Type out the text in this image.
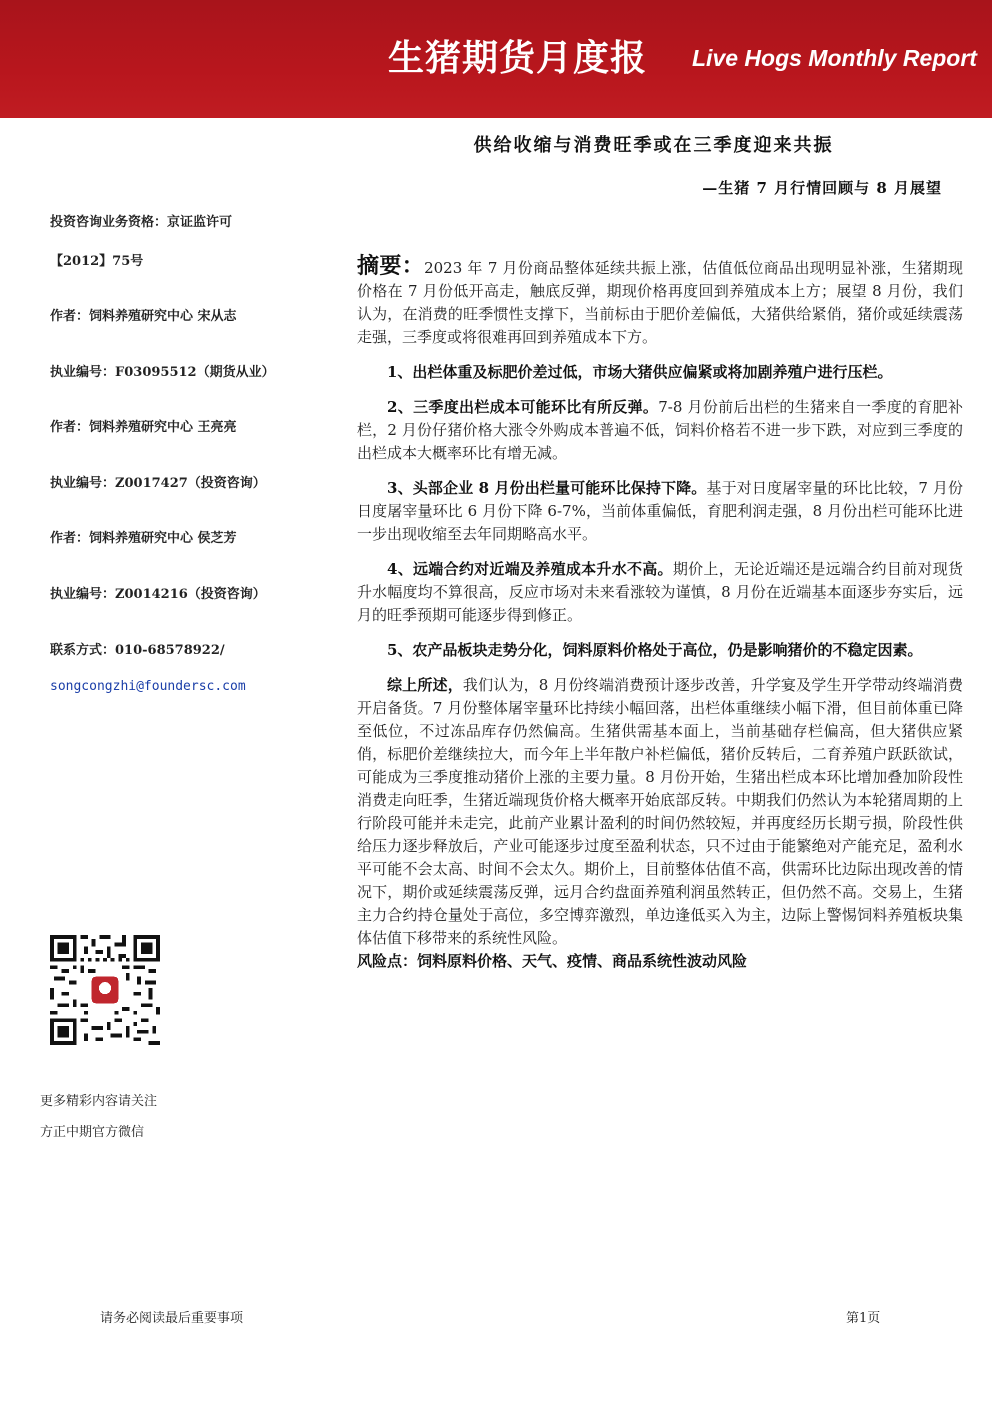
生猪期货月度报 Live Hogs Monthly Report
供给收缩与消费旺季或在三季度迎来共振
—生猪 7 月行情回顾与 8 月展望
投资咨询业务资格：京证监许可
【2012】75号
作者：饲料养殖研究中心 宋从志
执业编号：F03095512（期货从业）
作者：饲料养殖研究中心 王亮亮
执业编号：Z0017427（投资咨询）
作者：饲料养殖研究中心 侯芝芳
执业编号：Z0014216（投资咨询）
联系方式：010-68578922/
songcongzhi@foundersc.com
更多精彩内容请关注
方正中期官方微信

摘要：2023 年 7 月份商品整体延续共振上涨，估值低位商品出现明显补涨，生猪期现价格在 7 月份低开高走，触底反弹，期现价格再度回到养殖成本上方；展望 8 月份，我们认为，在消费的旺季惯性支撑下，当前标由于肥价差偏低，大猪供给紧俏，猪价或延续震荡走强，三季度或将很难再回到养殖成本下方。

1、出栏体重及标肥价差过低，市场大猪供应偏紧或将加剧养殖户进行压栏。

2、三季度出栏成本可能环比有所反弹。7-8 月份前后出栏的生猪来自一季度的育肥补栏，2 月份仔猪价格大涨令外购成本普遍不低，饲料价格若不进一步下跌，对应到三季度的出栏成本大概率环比有增无减。

3、头部企业 8 月份出栏量可能环比保持下降。基于对日度屠宰量的环比比较，7 月份日度屠宰量环比 6 月份下降 6-7%，当前体重偏低，育肥利润走强，8 月份出栏可能环比进一步出现收缩至去年同期略高水平。

4、远端合约对近端及养殖成本升水不高。期价上，无论近端还是远端合约目前对现货升水幅度均不算很高，反应市场对未来看涨较为谨慎，8 月份在近端基本面逐步夯实后，远月的旺季预期可能逐步得到修正。

5、农产品板块走势分化，饲料原料价格处于高位，仍是影响猪价的不稳定因素。

综上所述，我们认为，8 月份终端消费预计逐步改善，升学宴及学生开学带动终端消费开启备货。7 月份整体屠宰量环比持续小幅回落，出栏体重继续小幅下滑，但目前体重已降至低位，不过冻品库存仍然偏高。生猪供需基本面上，当前基础存栏偏高，但大猪供应紧俏，标肥价差继续拉大，而今年上半年散户补栏偏低，猪价反转后，二育养殖户跃跃欲试，可能成为三季度推动猪价上涨的主要力量。8 月份开始，生猪出栏成本环比增加叠加阶段性消费走向旺季，生猪近端现货价格大概率开始底部反转。中期我们仍然认为本轮猪周期的上行阶段可能并未走完，此前产业累计盈利的时间仍然较短，并再度经历长期亏损，阶段性供给压力逐步释放后，产业可能逐步过度至盈利状态，只不过由于能繁绝对产能充足，盈利水平可能不会太高、时间不会太久。期价上，目前整体估值不高，供需环比边际出现改善的情况下，期价或延续震荡反弹，远月合约盘面养殖利润虽然转正，但仍然不高。交易上，生猪主力合约持仓量处于高位，多空博弈激烈，单边逢低买入为主，边际上警惕饲料养殖板块集体估值下移带来的系统性风险。

风险点：饲料原料价格、天气、疫情、商品系统性波动风险
请务必阅读最后重要事项	第1页
